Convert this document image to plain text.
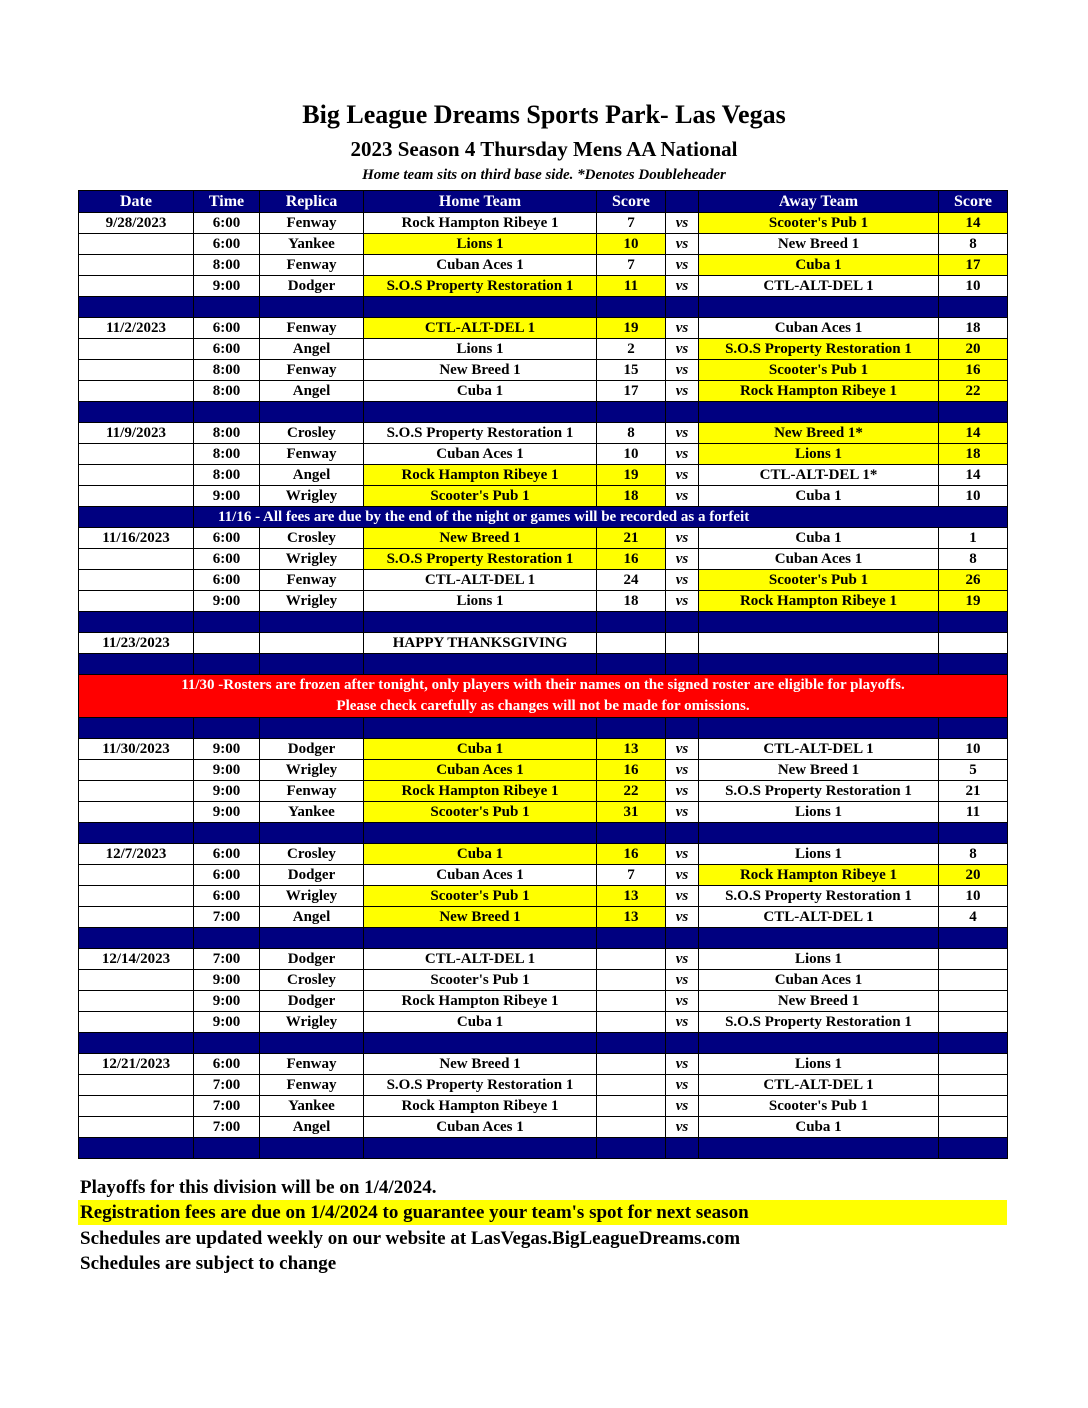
Big League Dreams Sports Park- Las Vegas
2023 Season 4 Thursday Mens AA National
Home team sits on third base side. *Denotes Doubleheader
Date	Time	Replica	Home Team	Score		Away Team	Score
9/28/2023	6:00	Fenway	Rock Hampton Ribeye 1	7	vs	Scooter's Pub 1	14
	6:00	Yankee	Lions 1	10	vs	New Breed 1	8
	8:00	Fenway	Cuban Aces 1	7	vs	Cuba 1	17
	9:00	Dodger	S.O.S Property Restoration 1	11	vs	CTL-ALT-DEL 1	10

11/2/2023	6:00	Fenway	CTL-ALT-DEL 1	19	vs	Cuban Aces 1	18
	6:00	Angel	Lions 1	2	vs	S.O.S Property Restoration 1	20
	8:00	Fenway	New Breed 1	15	vs	Scooter's Pub 1	16
	8:00	Angel	Cuba 1	17	vs	Rock Hampton Ribeye 1	22

11/9/2023	8:00	Crosley	S.O.S Property Restoration 1	8	vs	New Breed 1*	14
	8:00	Fenway	Cuban Aces 1	10	vs	Lions 1	18
	8:00	Angel	Rock Hampton Ribeye 1	19	vs	CTL-ALT-DEL 1*	14
	9:00	Wrigley	Scooter's Pub 1	18	vs	Cuba 1	10
	11/16 - All fees are due by the end of the night or games will be recorded as a forfeit						
11/16/2023	6:00	Crosley	New Breed 1	21	vs	Cuba 1	1
	6:00	Wrigley	S.O.S Property Restoration 1	16	vs	Cuban Aces 1	8
	6:00	Fenway	CTL-ALT-DEL 1	24	vs	Scooter's Pub 1	26
	9:00	Wrigley	Lions 1	18	vs	Rock Hampton Ribeye 1	19

11/23/2023			HAPPY THANKSGIVING				

11/30 -Rosters are frozen after tonight, only players with their names on the signed roster are eligible for playoffs.
Please check carefully as changes will not be made for omissions.							

11/30/2023	9:00	Dodger	Cuba 1	13	vs	CTL-ALT-DEL 1	10
	9:00	Wrigley	Cuban Aces 1	16	vs	New Breed 1	5
	9:00	Fenway	Rock Hampton Ribeye 1	22	vs	S.O.S Property Restoration 1	21
	9:00	Yankee	Scooter's Pub 1	31	vs	Lions 1	11

12/7/2023	6:00	Crosley	Cuba 1	16	vs	Lions 1	8
	6:00	Dodger	Cuban Aces 1	7	vs	Rock Hampton Ribeye 1	20
	6:00	Wrigley	Scooter's Pub 1	13	vs	S.O.S Property Restoration 1	10
	7:00	Angel	New Breed 1	13	vs	CTL-ALT-DEL 1	4

12/14/2023	7:00	Dodger	CTL-ALT-DEL 1		vs	Lions 1	
	9:00	Crosley	Scooter's Pub 1		vs	Cuban Aces 1	
	9:00	Dodger	Rock Hampton Ribeye 1		vs	New Breed 1	
	9:00	Wrigley	Cuba 1		vs	S.O.S Property Restoration 1	

12/21/2023	6:00	Fenway	New Breed 1		vs	Lions 1	
	7:00	Fenway	S.O.S Property Restoration 1		vs	CTL-ALT-DEL 1	
	7:00	Yankee	Rock Hampton Ribeye 1		vs	Scooter's Pub 1	
	7:00	Angel	Cuban Aces 1		vs	Cuba 1	

Playoffs for this division will be on 1/4/2024.
Registration fees are due on 1/4/2024 to guarantee your team's spot for next season
Schedules are updated weekly on our website at LasVegas.BigLeagueDreams.com
Schedules are subject to change
